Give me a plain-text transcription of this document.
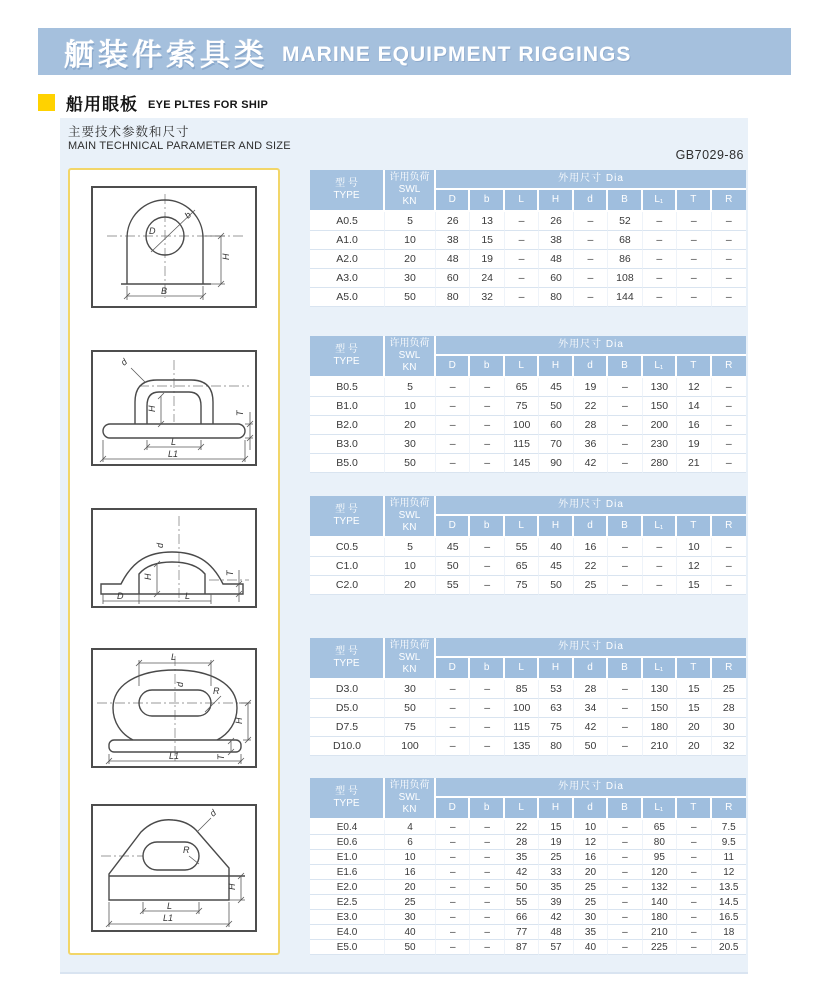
舾装件索具类 MARINE EQUIPMENT RIGGINGS
船用眼板 EYE PLTES FOR SHIP
主要技术参数和尺寸
MAIN TECHNICAL PARAMETER AND SIZE
GB7029-86
D
b
H
B
d
H
T
L
L1
d
H
D	L
T
L
d
R
H
T
L1
d
R
H
L
L1
型 号
TYPE	许用负荷
SWL
KN	外用尺寸 Dia								
		D	b	L	H	d	B	L₁	T	R
A0.5	5	26	13	–	26	–	52	–	–	–
A1.0	10	38	15	–	38	–	68	–	–	–
A2.0	20	48	19	–	48	–	86	–	–	–
A3.0	30	60	24	–	60	–	108	–	–	–
A5.0	50	80	32	–	80	–	144	–	–	–
型 号
TYPE	许用负荷
SWL
KN	外用尺寸 Dia								
		D	b	L	H	d	B	L₁	T	R
B0.5	5	–	–	65	45	19	–	130	12	–
B1.0	10	–	–	75	50	22	–	150	14	–
B2.0	20	–	–	100	60	28	–	200	16	–
B3.0	30	–	–	115	70	36	–	230	19	–
B5.0	50	–	–	145	90	42	–	280	21	–
型 号
TYPE	许用负荷
SWL
KN	外用尺寸 Dia								
		D	b	L	H	d	B	L₁	T	R
C0.5	5	45	–	55	40	16	–	–	10	–
C1.0	10	50	–	65	45	22	–	–	12	–
C2.0	20	55	–	75	50	25	–	–	15	–
型 号
TYPE	许用负荷
SWL
KN	外用尺寸 Dia								
		D	b	L	H	d	B	L₁	T	R
D3.0	30	–	–	85	53	28	–	130	15	25
D5.0	50	–	–	100	63	34	–	150	15	28
D7.5	75	–	–	115	75	42	–	180	20	30
D10.0	100	–	–	135	80	50	–	210	20	32
型 号
TYPE	许用负荷
SWL
KN	外用尺寸 Dia								
		D	b	L	H	d	B	L₁	T	R
E0.4	4	–	–	22	15	10	–	65	–	7.5
E0.6	6	–	–	28	19	12	–	80	–	9.5
E1.0	10	–	–	35	25	16	–	95	–	11
E1.6	16	–	–	42	33	20	–	120	–	12
E2.0	20	–	–	50	35	25	–	132	–	13.5
E2.5	25	–	–	55	39	25	–	140	–	14.5
E3.0	30	–	–	66	42	30	–	180	–	16.5
E4.0	40	–	–	77	48	35	–	210	–	18
E5.0	50	–	–	87	57	40	–	225	–	20.5
